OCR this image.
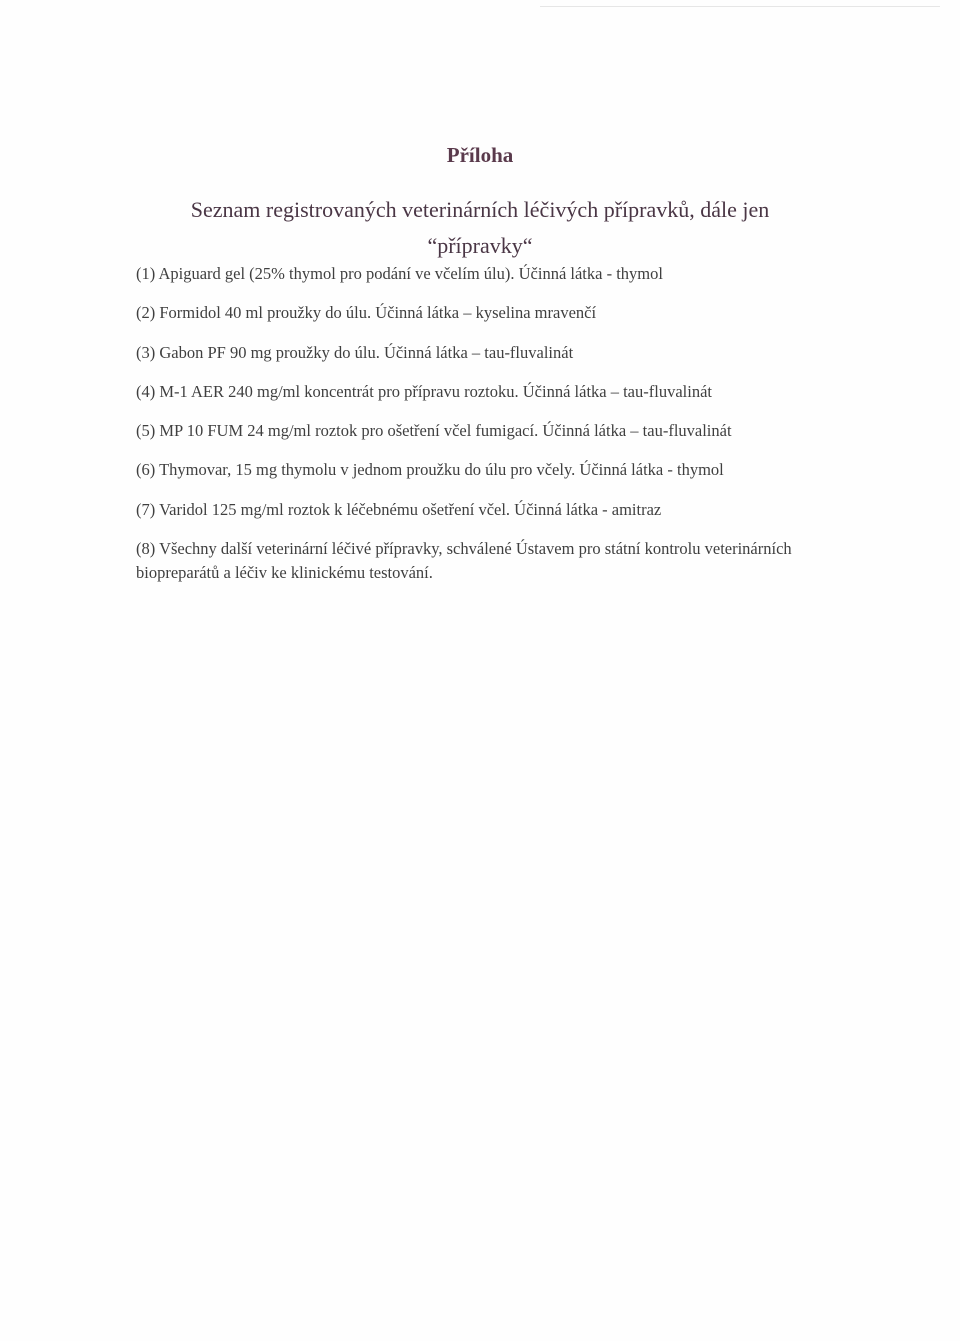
Příloha
Seznam registrovaných veterinárních léčivých přípravků, dále jen
“přípravky“
(1) Apiguard gel (25% thymol pro podání ve včelím úlu). Účinná látka - thymol
(2) Formidol 40 ml proužky do úlu. Účinná látka – kyselina mravenčí
(3) Gabon PF 90 mg proužky do úlu. Účinná látka – tau-fluvalinát
(4) M-1 AER 240 mg/ml koncentrát pro přípravu roztoku. Účinná látka – tau-fluvalinát
(5) MP 10 FUM 24 mg/ml roztok pro ošetření včel fumigací. Účinná látka – tau-fluvalinát
(6) Thymovar, 15 mg thymolu v jednom proužku do úlu pro včely. Účinná látka - thymol
(7) Varidol 125 mg/ml roztok k léčebnému ošetření včel. Účinná látka - amitraz
(8) Všechny další veterinární léčivé přípravky, schválené Ústavem pro státní kontrolu veterinárních biopreparátů a léčiv ke klinickému testování.
